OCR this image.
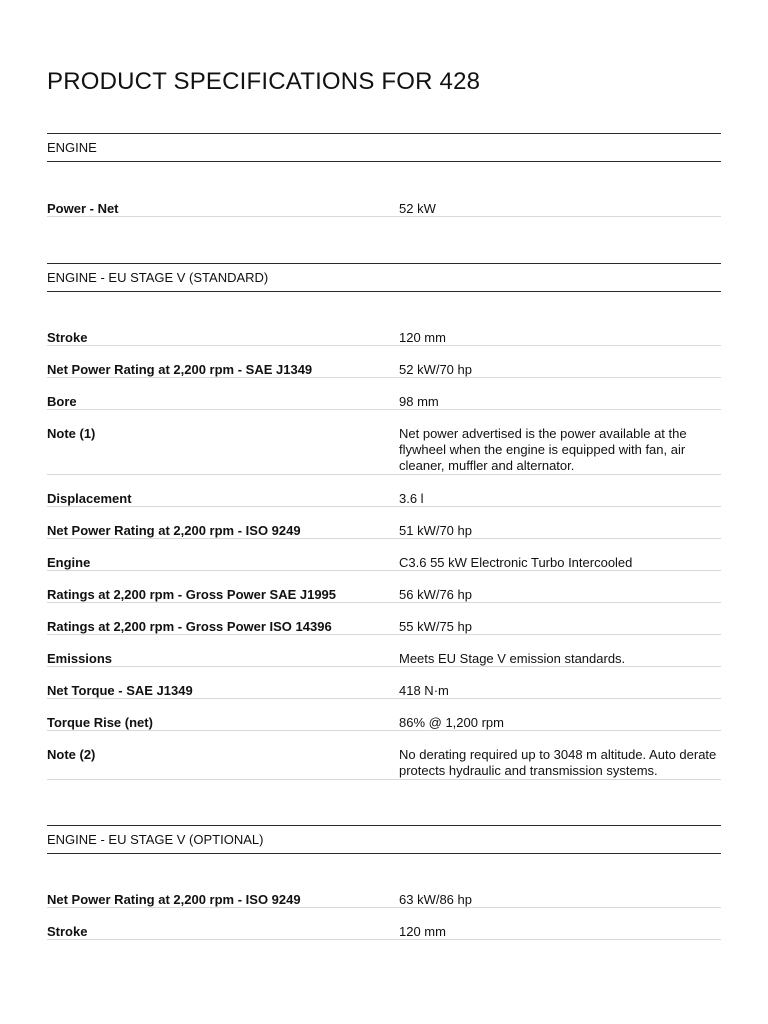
PRODUCT SPECIFICATIONS FOR 428
ENGINE
Power - Net	52 kW
ENGINE - EU STAGE V (STANDARD)
Stroke	120 mm
Net Power Rating at 2,200 rpm - SAE J1349	52 kW/70 hp
Bore	98 mm
Note (1)	Net power advertised is the power available at the flywheel when the engine is equipped with fan, air cleaner, muffler and alternator.
Displacement	3.6 l
Net Power Rating at 2,200 rpm - ISO 9249	51 kW/70 hp
Engine	C3.6 55 kW Electronic Turbo Intercooled
Ratings at 2,200 rpm - Gross Power SAE J1995	56 kW/76 hp
Ratings at 2,200 rpm - Gross Power ISO 14396	55 kW/75 hp
Emissions	Meets EU Stage V emission standards.
Net Torque - SAE J1349	418 N·m
Torque Rise (net)	86% @ 1,200 rpm
Note (2)	No derating required up to 3048 m altitude. Auto derate protects hydraulic and transmission systems.
ENGINE - EU STAGE V (OPTIONAL)
Net Power Rating at 2,200 rpm - ISO 9249	63 kW/86 hp
Stroke	120 mm
